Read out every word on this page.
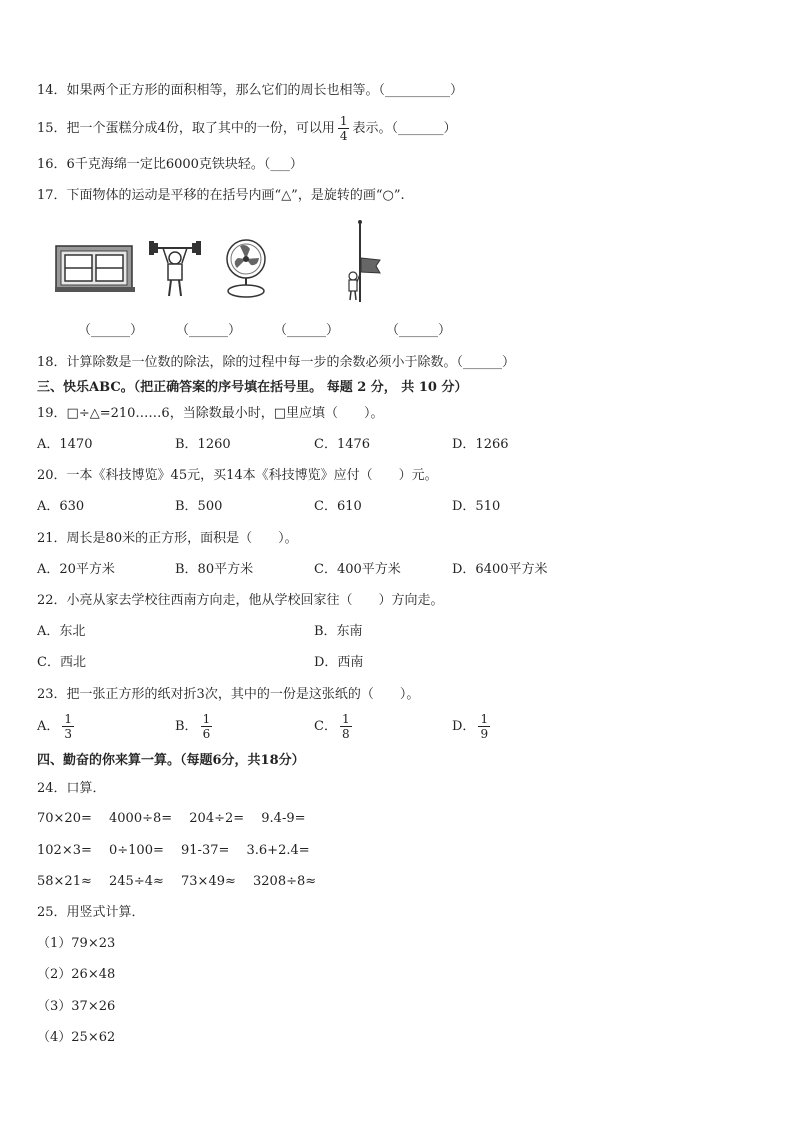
14．如果两个正方形的面积相等，那么它们的周长也相等。（__________）
15．把一个蛋糕分成4份，取了其中的一份，可以用 $\frac{1}{4}$ 表示。（_______）
16．6千克海绵一定比6000克铁块轻。（___）
17．下面物体的运动是平移的在括号内画“△”，是旋转的画“○”.
（______）	（______）	（______）	（______）
18．计算除数是一位数的除法，除的过程中每一步的余数必须小于除数。（______）
三、快乐ABC。（把正确答案的序号填在括号里。 每题 2 分， 共 10 分）
19．□÷△=210……6，当除数最小时，□里应填（　　）。
A．1470	B．1260	C．1476	D．1266
20．一本《科技博览》45元，买14本《科技博览》应付（　　）元。
A．630	B．500	C．610	D．510
21．周长是80米的正方形，面积是（　　）。
A．20平方米	B．80平方米	C．400平方米	D．6400平方米
22．小亮从家去学校往西南方向走，他从学校回家往（　　）方向走。
A．东北	B．东南
C．西北	D．西南
23．把一张正方形的纸对折3次，其中的一份是这张纸的（　　）。
A． $\frac{1}{3}$	B． $\frac{1}{6}$	C． $\frac{1}{8}$	D． $\frac{1}{9}$
四、勤奋的你来算一算。（每题6分，共18分）
24．口算．
70×20=　 4000÷8=　 204÷2=　 9.4-9=
102×3=　 0÷100=　 91-37=　 3.6+2.4=
58×21≈　 245÷4≈　 73×49≈　 3208÷8≈
25．用竖式计算．
（1）79×23
（2）26×48
（3）37×26
（4）25×62
